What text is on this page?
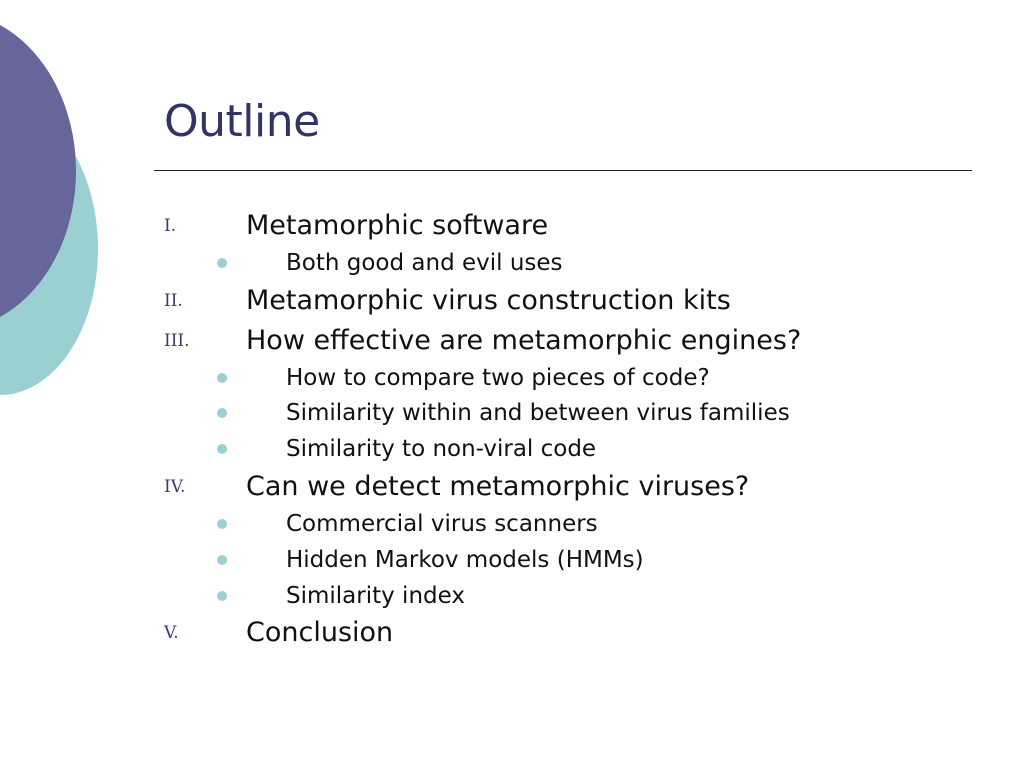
Outline
I.	Metamorphic software
Both good and evil uses
II. Metamorphic virus construction kits
III. How effective are metamorphic engines?
How to compare two pieces of code?
Similarity within and between virus families
Similarity to non-viral code
IV. Can we detect metamorphic viruses?
Commercial virus scanners
Hidden Markov models (HMMs)
Similarity index
V. Conclusion
